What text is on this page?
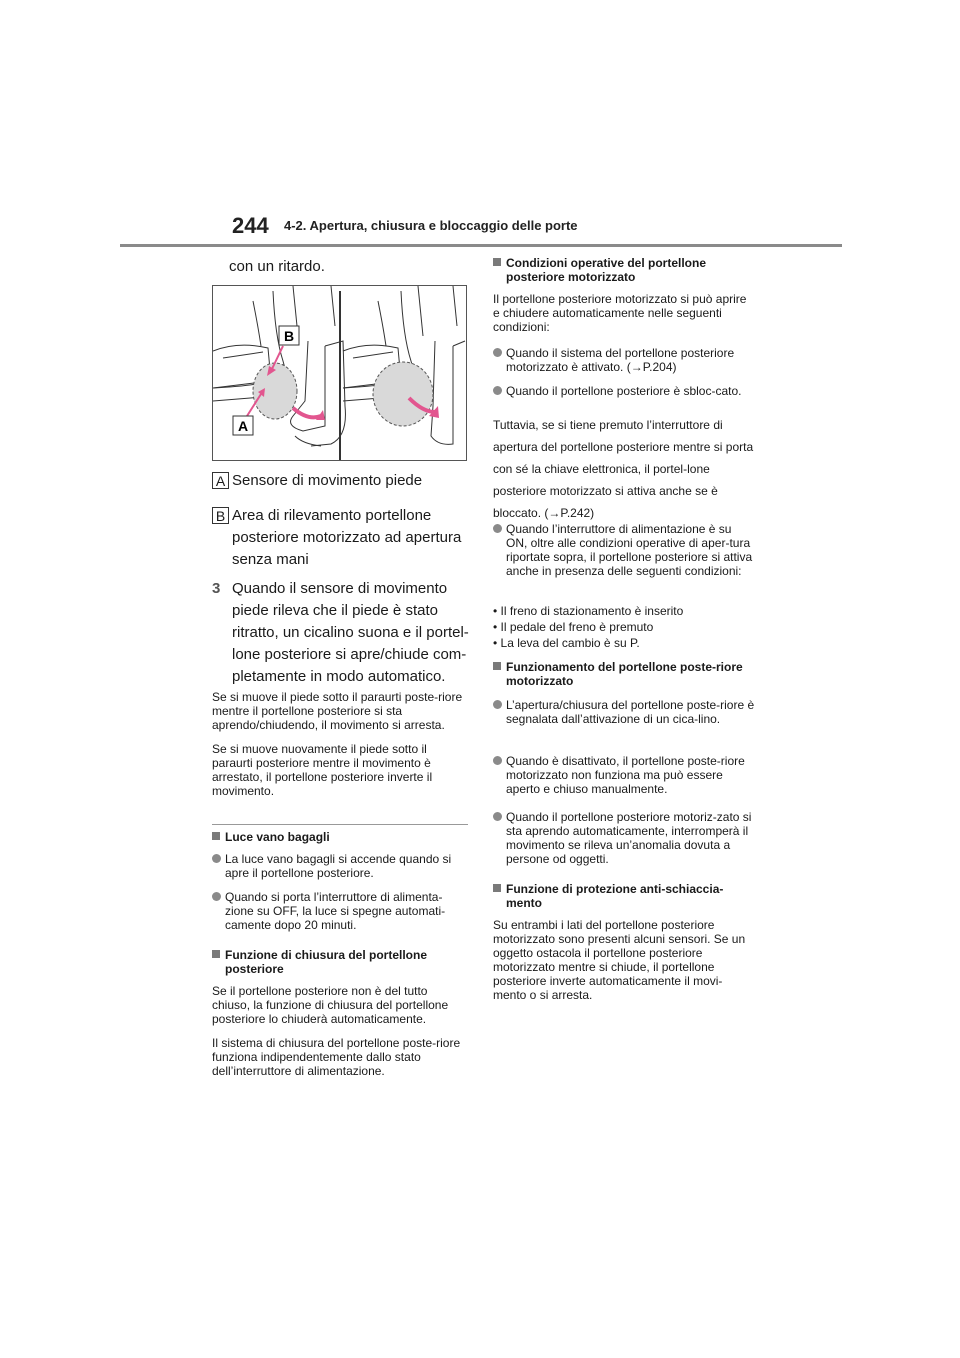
244 4-2. Apertura, chiusura e bloccaggio delle porte
con un ritardo.
B
A
A Sensore di movimento piede
B Area di rilevamento portellone posteriore motorizzato ad apertura senza mani
3 Quando il sensore di movimento piede rileva che il piede è stato ritratto, un cicalino suona e il portel-lone posteriore si apre/chiude com-pletamente in modo automatico.
Se si muove il piede sotto il paraurti poste-riore mentre il portellone posteriore si sta aprendo/chiudendo, il movimento si arresta.
Se si muove nuovamente il piede sotto il paraurti posteriore mentre il movimento è arrestato, il portellone posteriore inverte il movimento.
Luce vano bagagli
La luce vano bagagli si accende quando si apre il portellone posteriore.
Quando si porta l’interruttore di alimenta-zione su OFF, la luce si spegne automati-camente dopo 20 minuti.
Funzione di chiusura del portellone posteriore
Se il portellone posteriore non è del tutto chiuso, la funzione di chiusura del portellone posteriore lo chiuderà automaticamente.
Il sistema di chiusura del portellone poste-riore funziona indipendentemente dallo stato dell’interruttore di alimentazione.
Condizioni operative del portellone posteriore motorizzato
Il portellone posteriore motorizzato si può aprire e chiudere automaticamente nelle seguenti condizioni:
Quando il sistema del portellone posteriore motorizzato è attivato. (→P.204)
Quando il portellone posteriore è sbloc-cato.
Tuttavia, se si tiene premuto l’interruttore di apertura del portellone posteriore mentre si porta con sé la chiave elettronica, il portel-lone posteriore motorizzato si attiva anche se è bloccato. (→P.242)
Quando l’interruttore di alimentazione è su ON, oltre alle condizioni operative di aper-tura riportate sopra, il portellone posteriore si attiva anche in presenza delle seguenti condizioni:
• Il freno di stazionamento è inserito
• Il pedale del freno è premuto
• La leva del cambio è su P.
Funzionamento del portellone poste-riore motorizzato
L’apertura/chiusura del portellone poste-riore è segnalata dall’attivazione di un cica-lino.
Quando è disattivato, il portellone poste-riore motorizzato non funziona ma può essere aperto e chiuso manualmente.
Quando il portellone posteriore motoriz-zato si sta aprendo automaticamente, interromperà il movimento se rileva un’anomalia dovuta a persone od oggetti.
Funzione di protezione anti-schiaccia-mento
Su entrambi i lati del portellone posteriore motorizzato sono presenti alcuni sensori. Se un oggetto ostacola il portellone posteriore motorizzato mentre si chiude, il portellone posteriore inverte automaticamente il movi-mento o si arresta.
